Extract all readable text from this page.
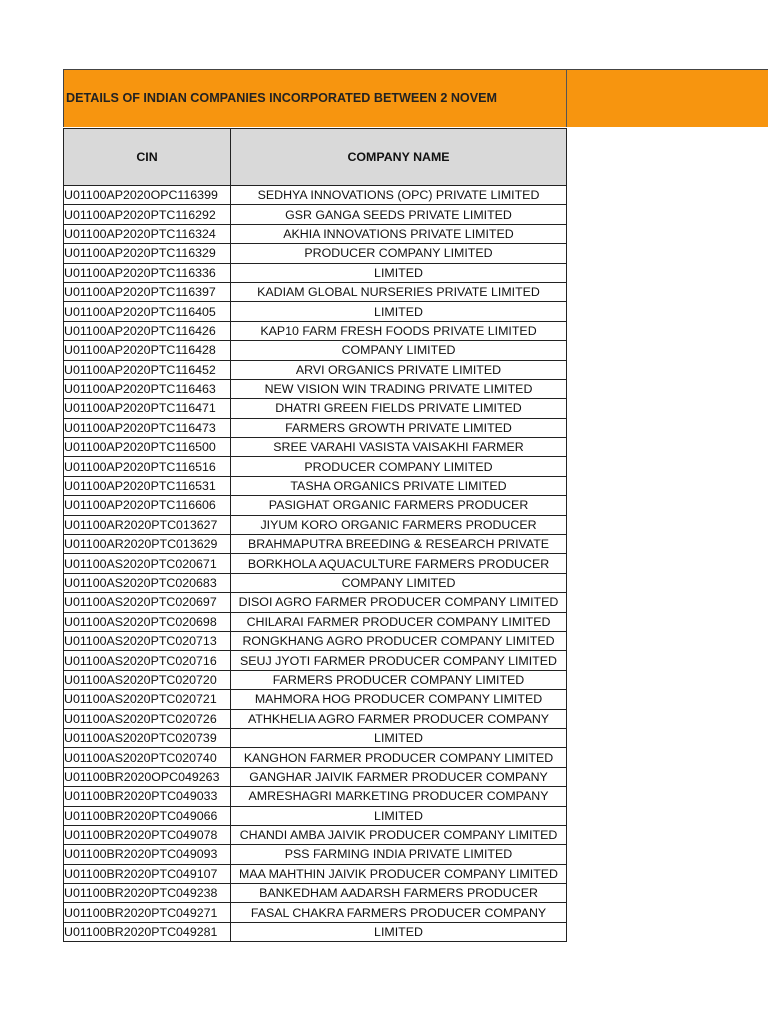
DETAILS OF INDIAN COMPANIES INCORPORATED BETWEEN 2 NOVEM
CIN	COMPANY NAME
U01100AP2020OPC116399	SEDHYA INNOVATIONS (OPC) PRIVATE LIMITED
U01100AP2020PTC116292	GSR GANGA SEEDS PRIVATE LIMITED
U01100AP2020PTC116324	AKHIA INNOVATIONS PRIVATE LIMITED
U01100AP2020PTC116329	PRODUCER COMPANY LIMITED
U01100AP2020PTC116336	LIMITED
U01100AP2020PTC116397	KADIAM GLOBAL NURSERIES PRIVATE LIMITED
U01100AP2020PTC116405	LIMITED
U01100AP2020PTC116426	KAP10 FARM FRESH FOODS PRIVATE LIMITED
U01100AP2020PTC116428	COMPANY LIMITED
U01100AP2020PTC116452	ARVI ORGANICS PRIVATE LIMITED
U01100AP2020PTC116463	NEW VISION WIN TRADING PRIVATE LIMITED
U01100AP2020PTC116471	DHATRI GREEN FIELDS PRIVATE LIMITED
U01100AP2020PTC116473	FARMERS GROWTH PRIVATE LIMITED
U01100AP2020PTC116500	SREE VARAHI VASISTA VAISAKHI FARMER
U01100AP2020PTC116516	PRODUCER COMPANY LIMITED
U01100AP2020PTC116531	TASHA ORGANICS PRIVATE LIMITED
U01100AP2020PTC116606	PASIGHAT ORGANIC FARMERS PRODUCER
U01100AR2020PTC013627	JIYUM KORO ORGANIC FARMERS PRODUCER
U01100AR2020PTC013629	BRAHMAPUTRA BREEDING & RESEARCH PRIVATE
U01100AS2020PTC020671	BORKHOLA AQUACULTURE FARMERS PRODUCER
U01100AS2020PTC020683	COMPANY LIMITED
U01100AS2020PTC020697	DISOI AGRO FARMER PRODUCER COMPANY LIMITED
U01100AS2020PTC020698	CHILARAI FARMER PRODUCER COMPANY LIMITED
U01100AS2020PTC020713	RONGKHANG AGRO PRODUCER COMPANY LIMITED
U01100AS2020PTC020716	SEUJ JYOTI FARMER PRODUCER COMPANY LIMITED
U01100AS2020PTC020720	FARMERS PRODUCER COMPANY LIMITED
U01100AS2020PTC020721	MAHMORA HOG PRODUCER COMPANY LIMITED
U01100AS2020PTC020726	ATHKHELIA AGRO FARMER PRODUCER COMPANY
U01100AS2020PTC020739	LIMITED
U01100AS2020PTC020740	KANGHON FARMER PRODUCER COMPANY LIMITED
U01100BR2020OPC049263	GANGHAR JAIVIK FARMER PRODUCER COMPANY
U01100BR2020PTC049033	AMRESHAGRI MARKETING PRODUCER COMPANY
U01100BR2020PTC049066	LIMITED
U01100BR2020PTC049078	CHANDI AMBA JAIVIK PRODUCER COMPANY LIMITED
U01100BR2020PTC049093	PSS FARMING INDIA PRIVATE LIMITED
U01100BR2020PTC049107	MAA MAHTHIN JAIVIK PRODUCER COMPANY LIMITED
U01100BR2020PTC049238	BANKEDHAM AADARSH FARMERS PRODUCER
U01100BR2020PTC049271	FASAL CHAKRA FARMERS PRODUCER COMPANY
U01100BR2020PTC049281	LIMITED
